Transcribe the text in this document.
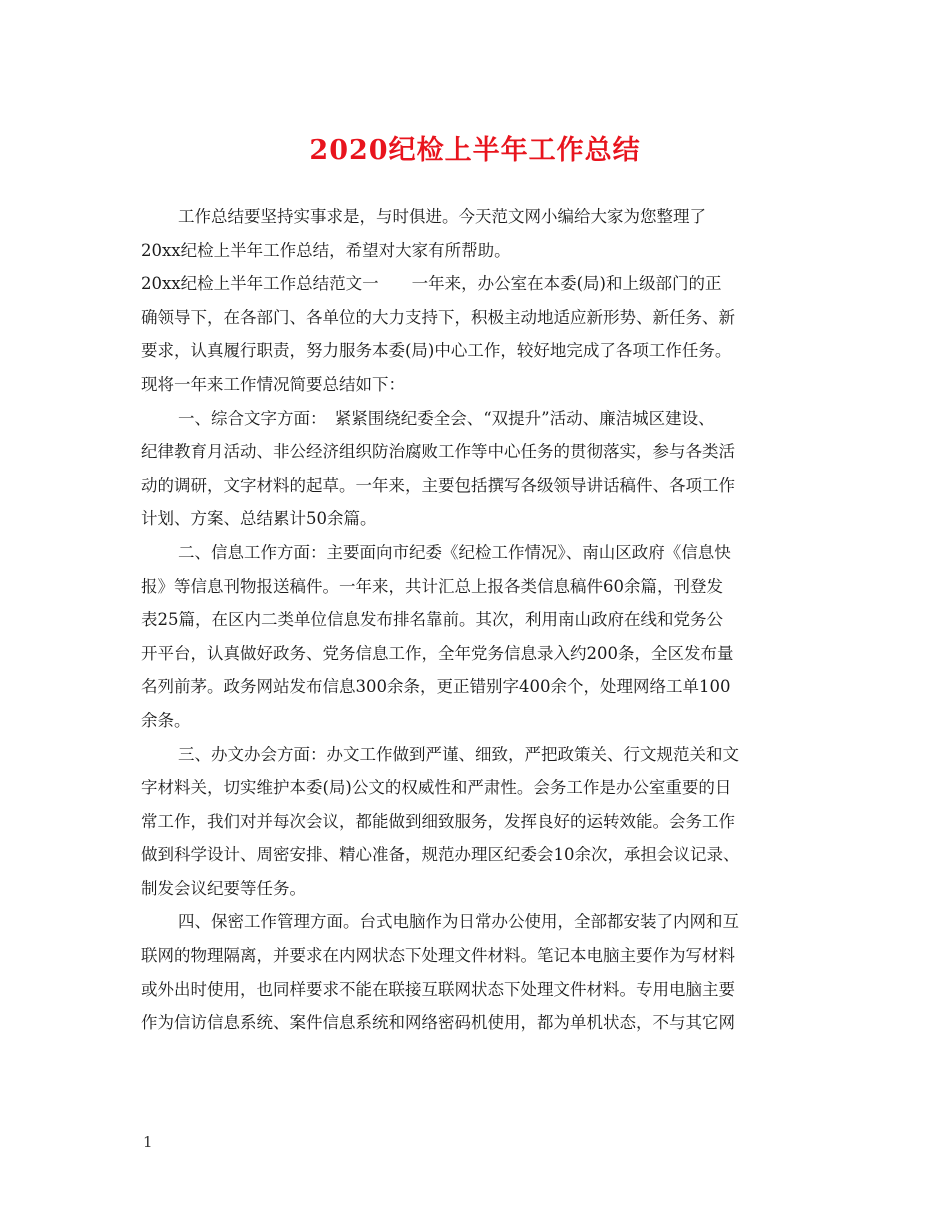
2020纪检上半年工作总结
工作总结要坚持实事求是，与时俱进。今天范文网小编给大家为您整理了
20xx纪检上半年工作总结，希望对大家有所帮助。
20xx纪检上半年工作总结范文一　　一年来，办公室在本委(局)和上级部门的正
确领导下，在各部门、各单位的大力支持下，积极主动地适应新形势、新任务、新
要求，认真履行职责，努力服务本委(局)中心工作，较好地完成了各项工作任务。
现将一年来工作情况简要总结如下：
一、综合文字方面：　紧紧围绕纪委全会、“双提升”活动、廉洁城区建设、
纪律教育月活动、非公经济组织防治腐败工作等中心任务的贯彻落实，参与各类活
动的调研，文字材料的起草。一年来，主要包括撰写各级领导讲话稿件、各项工作
计划、方案、总结累计50余篇。
二、信息工作方面：主要面向市纪委《纪检工作情况》、南山区政府《信息快
报》等信息刊物报送稿件。一年来，共计汇总上报各类信息稿件60余篇，刊登发
表25篇，在区内二类单位信息发布排名靠前。其次，利用南山政府在线和党务公
开平台，认真做好政务、党务信息工作，全年党务信息录入约200条，全区发布量
名列前茅。政务网站发布信息300余条，更正错别字400余个，处理网络工单100
余条。
三、办文办会方面：办文工作做到严谨、细致，严把政策关、行文规范关和文
字材料关，切实维护本委(局)公文的权威性和严肃性。会务工作是办公室重要的日
常工作，我们对并每次会议，都能做到细致服务，发挥良好的运转效能。会务工作
做到科学设计、周密安排、精心准备，规范办理区纪委会10余次，承担会议记录、
制发会议纪要等任务。
四、保密工作管理方面。台式电脑作为日常办公使用，全部都安装了内网和互
联网的物理隔离，并要求在内网状态下处理文件材料。笔记本电脑主要作为写材料
或外出时使用，也同样要求不能在联接互联网状态下处理文件材料。专用电脑主要
作为信访信息系统、案件信息系统和网络密码机使用，都为单机状态，不与其它网
1
